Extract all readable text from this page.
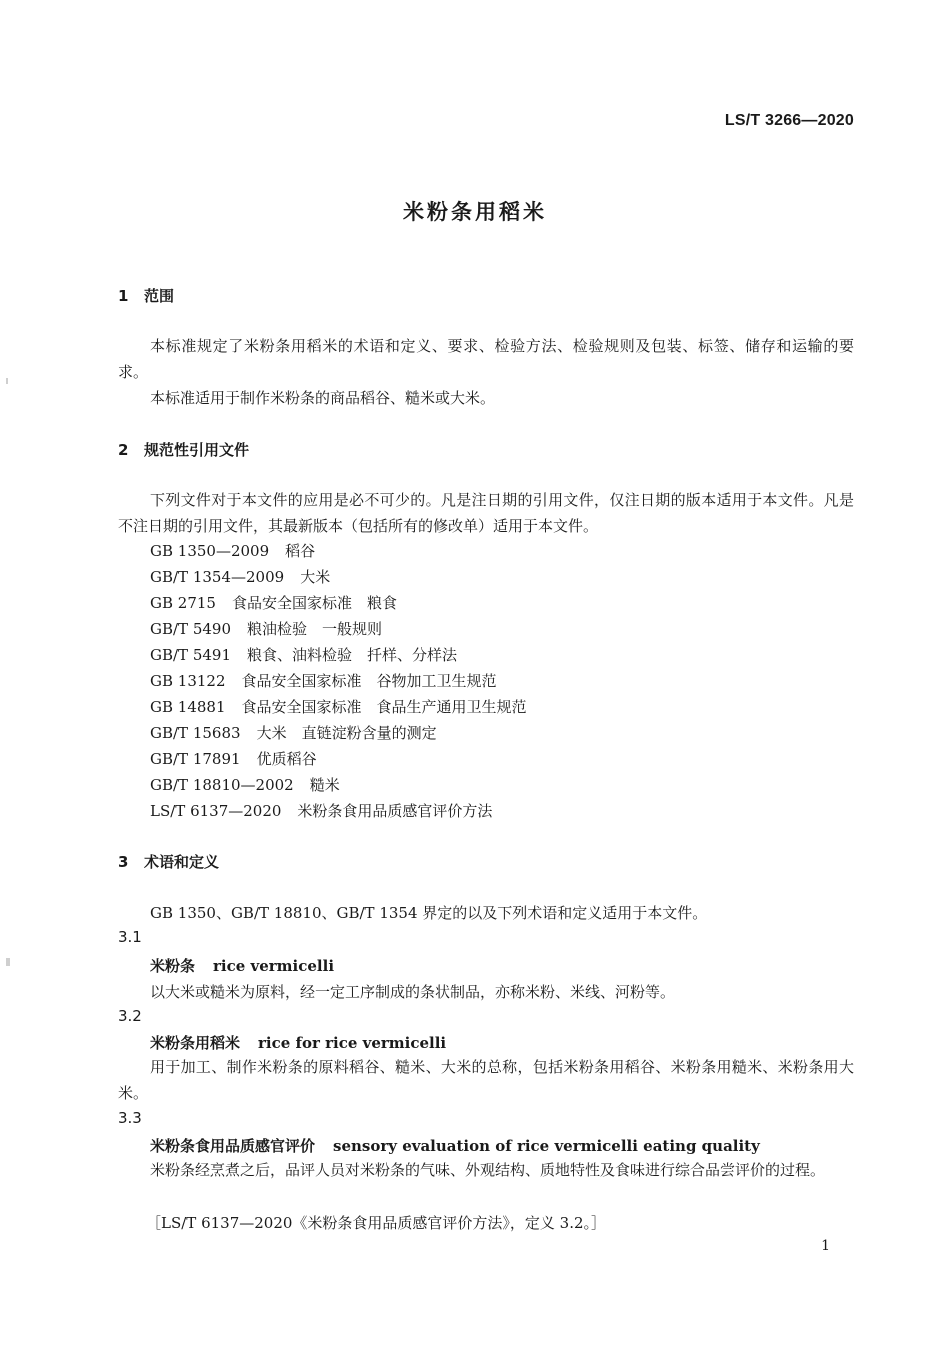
LS/T 3266—2020
米粉条用稻米
1 范围
本标准规定了米粉条用稻米的术语和定义、要求、检验方法、检验规则及包装、标签、储存和运输的要求。
本标准适用于制作米粉条的商品稻谷、糙米或大米。
2 规范性引用文件
下列文件对于本文件的应用是必不可少的。凡是注日期的引用文件，仅注日期的版本适用于本文件。凡是不注日期的引用文件，其最新版本（包括所有的修改单）适用于本文件。
GB 1350—2009 稻谷
GB/T 1354—2009 大米
GB 2715 食品安全国家标准　粮食
GB/T 5490 粮油检验　一般规则
GB/T 5491 粮食、油料检验　扦样、分样法
GB 13122 食品安全国家标准　谷物加工卫生规范
GB 14881 食品安全国家标准　食品生产通用卫生规范
GB/T 15683 大米　直链淀粉含量的测定
GB/T 17891 优质稻谷
GB/T 18810—2002 糙米
LS/T 6137—2020 米粉条食用品质感官评价方法
3 术语和定义
GB 1350、GB/T 18810、GB/T 1354 界定的以及下列术语和定义适用于本文件。
3.1
米粉条 rice vermicelli
以大米或糙米为原料，经一定工序制成的条状制品，亦称米粉、米线、河粉等。
3.2
米粉条用稻米 rice for rice vermicelli
用于加工、制作米粉条的原料稻谷、糙米、大米的总称，包括米粉条用稻谷、米粉条用糙米、米粉条用大米。
3.3
米粉条食用品质感官评价 sensory evaluation of rice vermicelli eating quality
米粉条经烹煮之后，品评人员对米粉条的气味、外观结构、质地特性及食味进行综合品尝评价的过程。
［LS/T 6137—2020《米粉条食用品质感官评价方法》，定义 3.2。］
1
